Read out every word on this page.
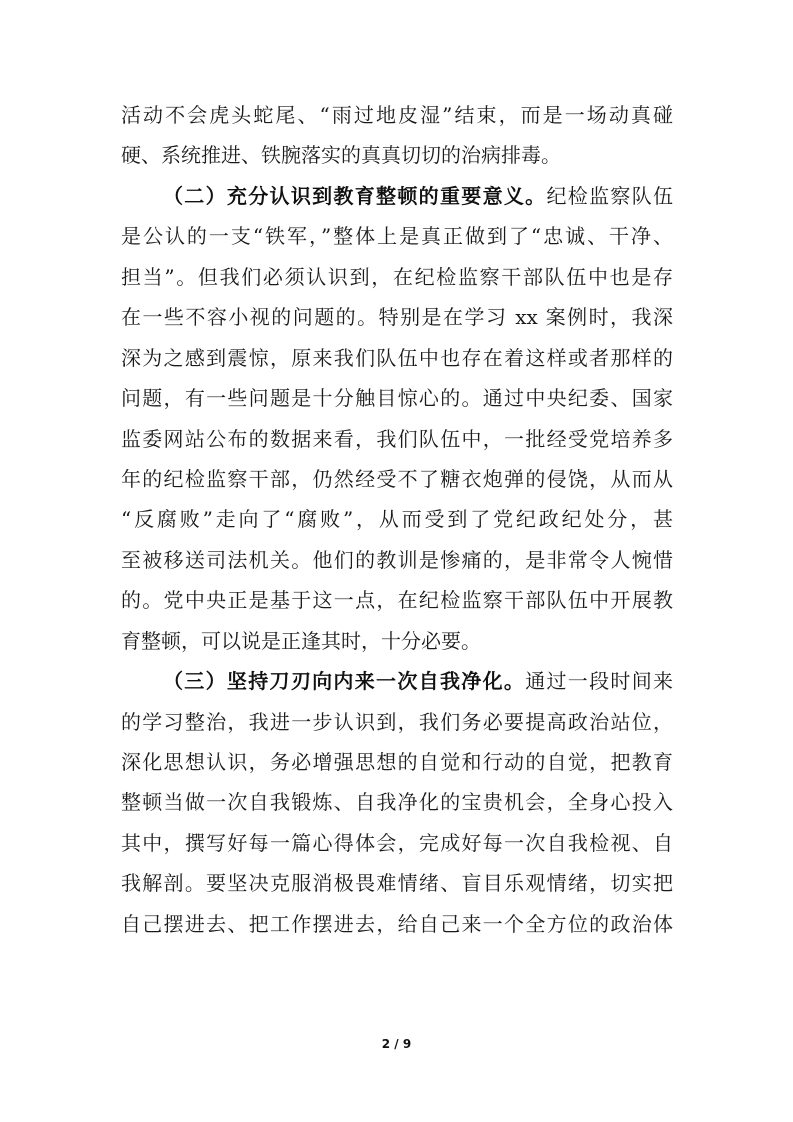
活动不会虎头蛇尾、“雨过地皮湿”结束，而是一场动真碰
硬、系统推进、铁腕落实的真真切切的治病排毒。
（二）充分认识到教育整顿的重要意义。纪检监察队伍
是公认的一支“铁军，”整体上是真正做到了“忠诚、干净、
担当”。但我们必须认识到，在纪检监察干部队伍中也是存
在一些不容小视的问题的。特别是在学习 xx 案例时，我深
深为之感到震惊，原来我们队伍中也存在着这样或者那样的
问题，有一些问题是十分触目惊心的。通过中央纪委、国家
监委网站公布的数据来看，我们队伍中，一批经受党培养多
年的纪检监察干部，仍然经受不了糖衣炮弹的侵饶，从而从
“反腐败”走向了“腐败”，从而受到了党纪政纪处分，甚
至被移送司法机关。他们的教训是惨痛的，是非常令人惋惜
的。党中央正是基于这一点，在纪检监察干部队伍中开展教
育整顿，可以说是正逢其时，十分必要。
（三）坚持刀刃向内来一次自我净化。通过一段时间来
的学习整治，我进一步认识到，我们务必要提高政治站位，
深化思想认识，务必增强思想的自觉和行动的自觉，把教育
整顿当做一次自我锻炼、自我净化的宝贵机会，全身心投入
其中，撰写好每一篇心得体会，完成好每一次自我检视、自
我解剖。要坚决克服消极畏难情绪、盲目乐观情绪，切实把
自己摆进去、把工作摆进去，给自己来一个全方位的政治体
2 / 9
